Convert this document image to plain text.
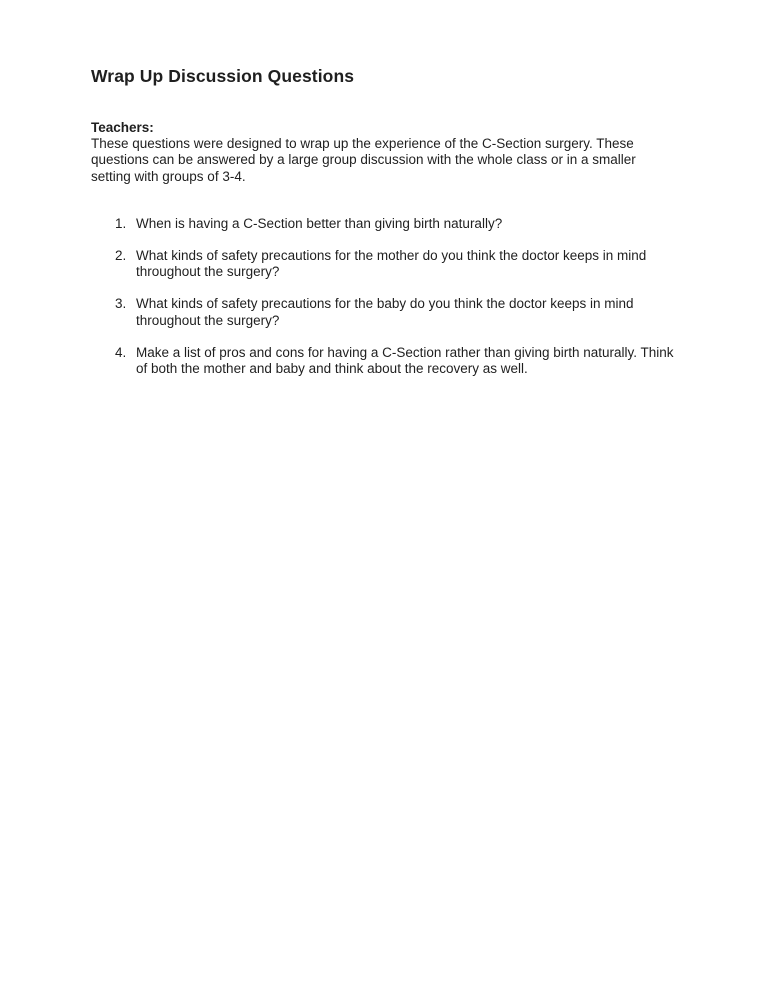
Wrap Up Discussion Questions
Teachers:
These questions were designed to wrap up the experience of the C-Section surgery. These questions can be answered by a large group discussion with the whole class or in a smaller setting with groups of 3-4.
1. When is having a C-Section better than giving birth naturally?
2. What kinds of safety precautions for the mother do you think the doctor keeps in mind throughout the surgery?
3. What kinds of safety precautions for the baby do you think the doctor keeps in mind throughout the surgery?
4. Make a list of pros and cons for having a C-Section rather than giving birth naturally. Think of both the mother and baby and think about the recovery as well.
